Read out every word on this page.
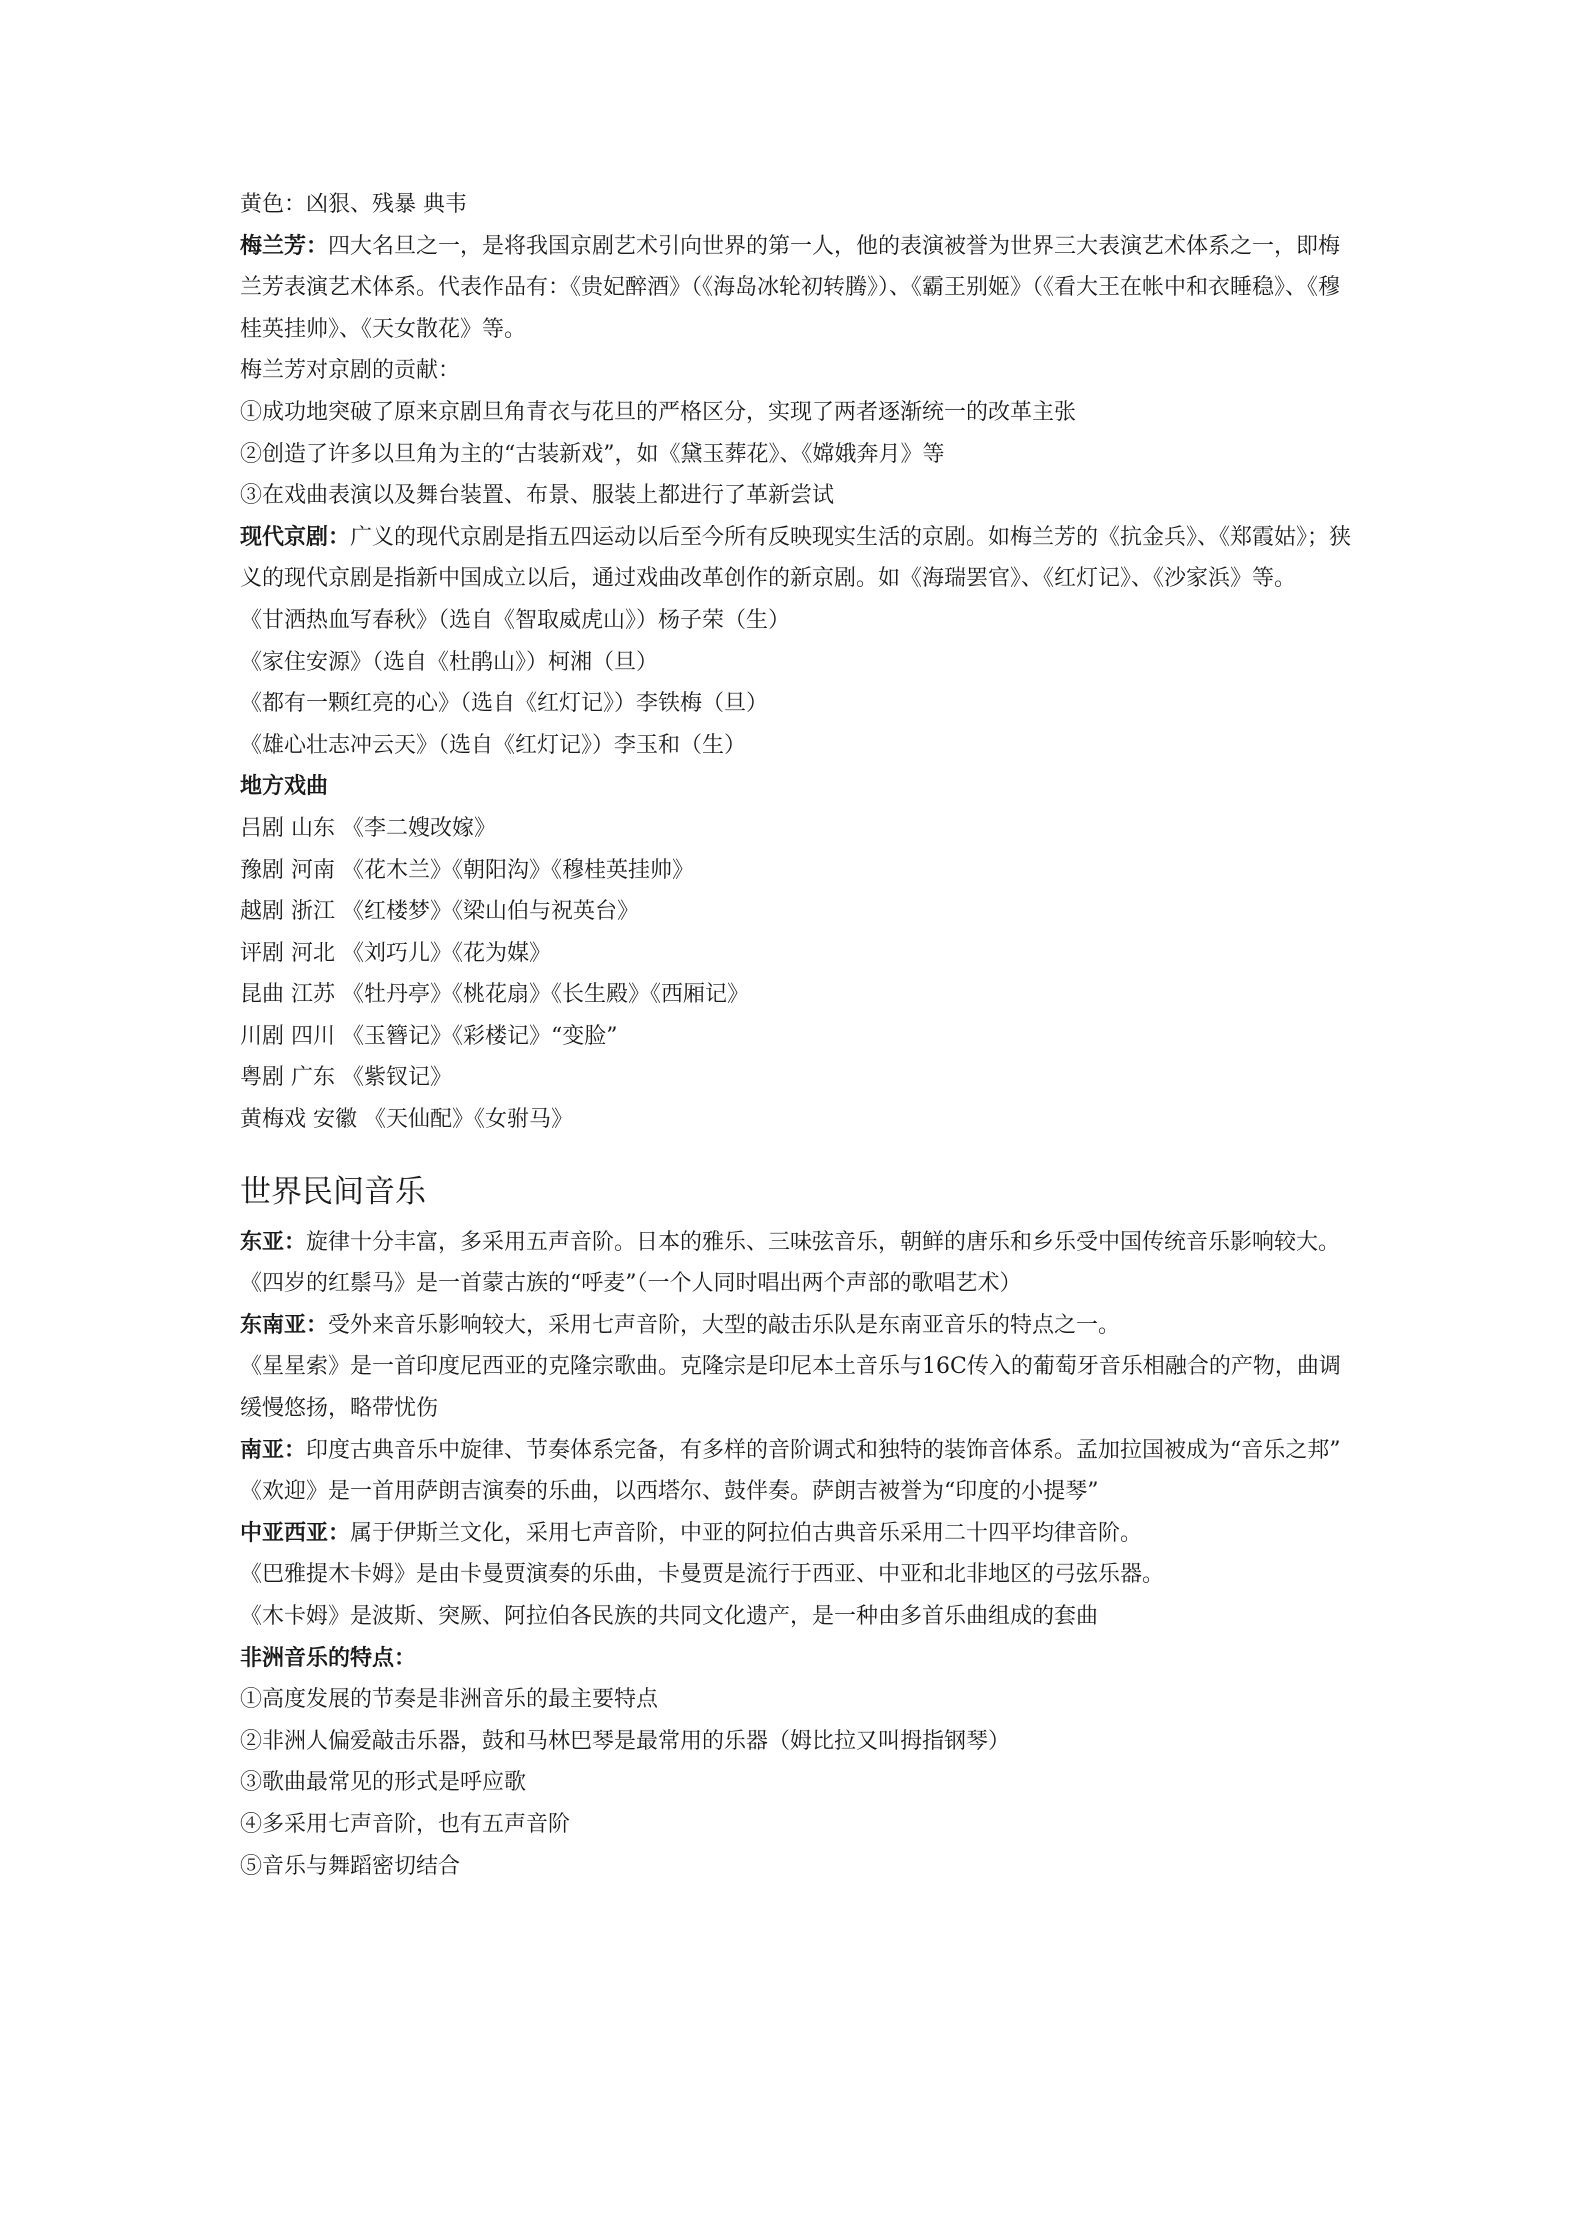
黄色：凶狠、残暴 典韦
梅兰芳：四大名旦之一，是将我国京剧艺术引向世界的第一人，他的表演被誉为世界三大表演艺术体系之一，即梅兰芳表演艺术体系。代表作品有：《贵妃醉酒》（《海岛冰轮初转腾》）、《霸王别姬》（《看大王在帐中和衣睡稳》、《穆桂英挂帅》、《天女散花》等。
梅兰芳对京剧的贡献：
①成功地突破了原来京剧旦角青衣与花旦的严格区分，实现了两者逐渐统一的改革主张
②创造了许多以旦角为主的“古装新戏”，如《黛玉葬花》、《嫦娥奔月》等
③在戏曲表演以及舞台装置、布景、服装上都进行了革新尝试
现代京剧：广义的现代京剧是指五四运动以后至今所有反映现实生活的京剧。如梅兰芳的《抗金兵》、《郑霞姑》；狭义的现代京剧是指新中国成立以后，通过戏曲改革创作的新京剧。如《海瑞罢官》、《红灯记》、《沙家浜》等。
《甘洒热血写春秋》（选自《智取威虎山》）杨子荣（生）
《家住安源》（选自《杜鹃山》）柯湘（旦）
《都有一颗红亮的心》（选自《红灯记》）李铁梅（旦）
《雄心壮志冲云天》（选自《红灯记》）李玉和（生）
地方戏曲
吕剧 山东 《李二嫂改嫁》
豫剧 河南 《花木兰》《朝阳沟》《穆桂英挂帅》
越剧 浙江 《红楼梦》《梁山伯与祝英台》
评剧 河北 《刘巧儿》《花为媒》
昆曲 江苏 《牡丹亭》《桃花扇》《长生殿》《西厢记》
川剧 四川 《玉簪记》《彩楼记》“变脸”
粤剧 广东 《紫钗记》
黄梅戏 安徽 《天仙配》《女驸马》
世界民间音乐
东亚：旋律十分丰富，多采用五声音阶。日本的雅乐、三味弦音乐，朝鲜的唐乐和乡乐受中国传统音乐影响较大。
《四岁的红鬃马》是一首蒙古族的“呼麦”（一个人同时唱出两个声部的歌唱艺术）
东南亚：受外来音乐影响较大，采用七声音阶，大型的敲击乐队是东南亚音乐的特点之一。
《星星索》是一首印度尼西亚的克隆宗歌曲。克隆宗是印尼本土音乐与16C传入的葡萄牙音乐相融合的产物，曲调缓慢悠扬，略带忧伤
南亚：印度古典音乐中旋律、节奏体系完备，有多样的音阶调式和独特的装饰音体系。孟加拉国被成为“音乐之邦”
《欢迎》是一首用萨朗吉演奏的乐曲，以西塔尔、鼓伴奏。萨朗吉被誉为“印度的小提琴”
中亚西亚：属于伊斯兰文化，采用七声音阶，中亚的阿拉伯古典音乐采用二十四平均律音阶。
《巴雅提木卡姆》是由卡曼贾演奏的乐曲，卡曼贾是流行于西亚、中亚和北非地区的弓弦乐器。
《木卡姆》是波斯、突厥、阿拉伯各民族的共同文化遗产，是一种由多首乐曲组成的套曲
非洲音乐的特点：
①高度发展的节奏是非洲音乐的最主要特点
②非洲人偏爱敲击乐器，鼓和马林巴琴是最常用的乐器（姆比拉又叫拇指钢琴）
③歌曲最常见的形式是呼应歌
④多采用七声音阶，也有五声音阶
⑤音乐与舞蹈密切结合
